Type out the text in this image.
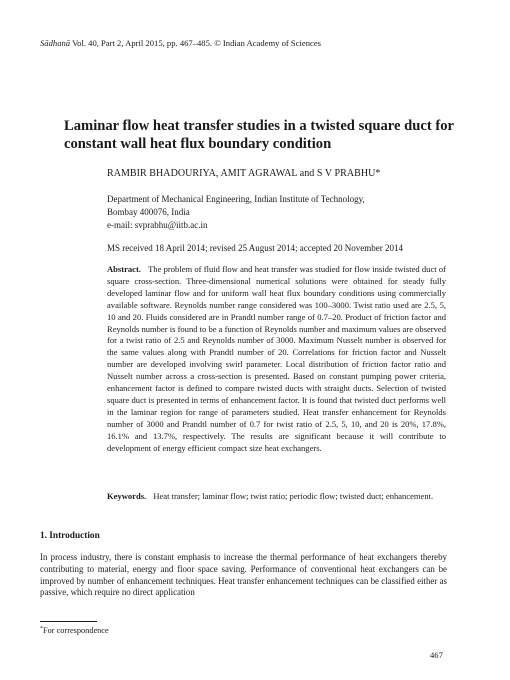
Sādhanā Vol. 40, Part 2, April 2015, pp. 467–485. © Indian Academy of Sciences
Laminar flow heat transfer studies in a twisted square duct for constant wall heat flux boundary condition
RAMBIR BHADOURIYA, AMIT AGRAWAL and S V PRABHU*
Department of Mechanical Engineering, Indian Institute of Technology,
Bombay 400076, India
e-mail: svprabhu@iitb.ac.in
MS received 18 April 2014; revised 25 August 2014; accepted 20 November 2014

Abstract. The problem of fluid flow and heat transfer was studied for flow inside twisted duct of square cross-section. Three-dimensional numerical solutions were obtained for steady fully developed laminar flow and for uniform wall heat flux boundary conditions using commercially available software. Reynolds number range considered was 100–3000. Twist ratio used are 2.5, 5, 10 and 20. Fluids considered are in Prandtl number range of 0.7–20. Product of friction factor and Reynolds number is found to be a function of Reynolds number and maximum values are observed for a twist ratio of 2.5 and Reynolds number of 3000. Maximum Nusselt number is observed for the same values along with Prandtl number of 20. Correlations for friction factor and Nusselt number are developed involving swirl parameter. Local distribution of friction factor ratio and Nusselt number across a cross-section is presented. Based on constant pumping power criteria, enhancement factor is defined to compare twisted ducts with straight ducts. Selection of twisted square duct is presented in terms of enhancement factor. It is found that twisted duct performs well in the laminar region for range of parameters studied. Heat transfer enhancement for Reynolds number of 3000 and Prandtl number of 0.7 for twist ratio of 2.5, 5, 10, and 20 is 20%, 17.8%, 16.1% and 13.7%, respectively. The results are significant because it will contribute to development of energy efficient compact size heat exchangers.

Keywords. Heat transfer; laminar flow; twist ratio; periodic flow; twisted duct; enhancement.

1. Introduction

In process industry, there is constant emphasis to increase the thermal performance of heat exchangers thereby contributing to material, energy and floor space saving. Performance of conventional heat exchangers can be improved by number of enhancement techniques. Heat transfer enhancement techniques can be classified either as passive, which require no direct application

*For correspondence
467
